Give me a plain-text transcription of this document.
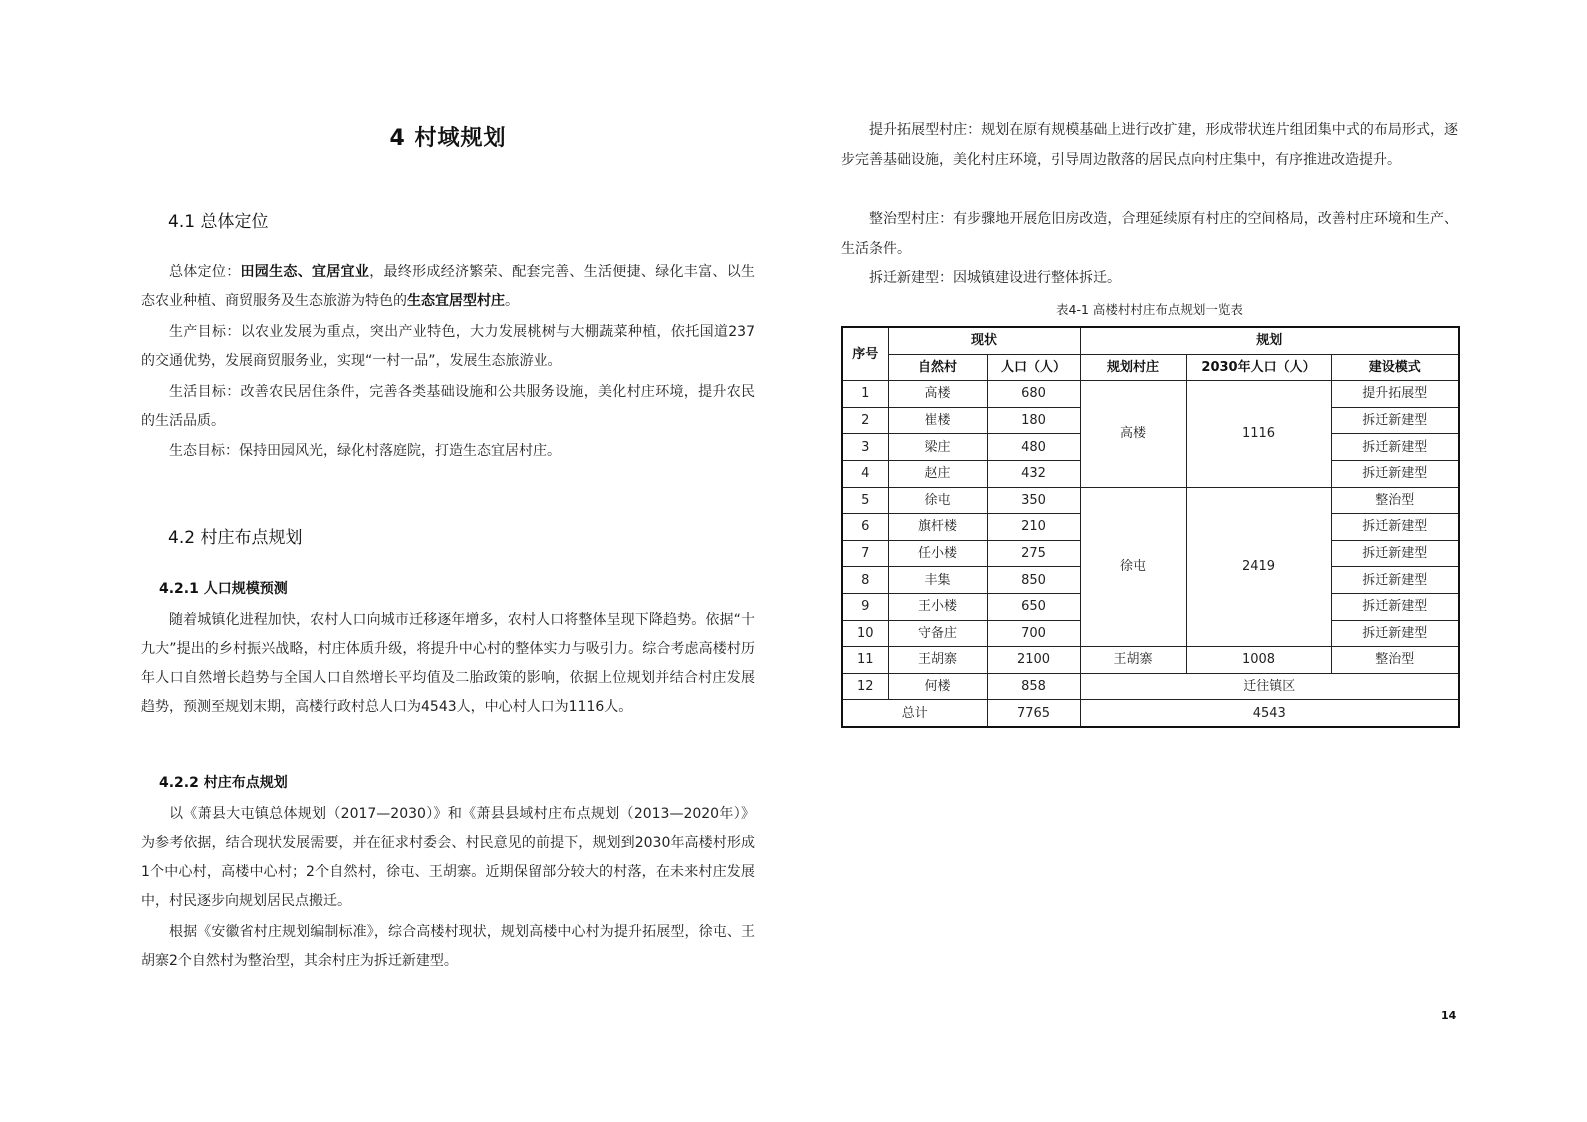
4 村域规划
4.1 总体定位

总体定位：田园生态、宜居宜业，最终形成经济繁荣、配套完善、生活便捷、绿化丰富、以生态农业种植、商贸服务及生态旅游为特色的生态宜居型村庄。

生产目标：以农业发展为重点，突出产业特色，大力发展桃树与大棚蔬菜种植，依托国道237的交通优势，发展商贸服务业，实现“一村一品”，发展生态旅游业。

生活目标：改善农民居住条件，完善各类基础设施和公共服务设施，美化村庄环境，提升农民的生活品质。

生态目标：保持田园风光，绿化村落庭院，打造生态宜居村庄。

4.2 村庄布点规划
4.2.1 人口规模预测

随着城镇化进程加快，农村人口向城市迁移逐年增多，农村人口将整体呈现下降趋势。依据“十九大”提出的乡村振兴战略，村庄体质升级，将提升中心村的整体实力与吸引力。综合考虑高楼村历年人口自然增长趋势与全国人口自然增长平均值及二胎政策的影响，依据上位规划并结合村庄发展趋势，预测至规划末期，高楼行政村总人口为4543人，中心村人口为1116人。

4.2.2 村庄布点规划

以《萧县大屯镇总体规划（2017—2030）》和《萧县县域村庄布点规划（2013—2020年）》为参考依据，结合现状发展需要，并在征求村委会、村民意见的前提下，规划到2030年高楼村形成1个中心村，高楼中心村；2个自然村，徐屯、王胡寨。近期保留部分较大的村落，在未来村庄发展中，村民逐步向规划居民点搬迁。

根据《安徽省村庄规划编制标准》，综合高楼村现状，规划高楼中心村为提升拓展型，徐屯、王胡寨2个自然村为整治型，其余村庄为拆迁新建型。

提升拓展型村庄：规划在原有规模基础上进行改扩建，形成带状连片组团集中式的布局形式，逐步完善基础设施，美化村庄环境，引导周边散落的居民点向村庄集中，有序推进改造提升。

整治型村庄：有步骤地开展危旧房改造，合理延续原有村庄的空间格局，改善村庄环境和生产、生活条件。

拆迁新建型：因城镇建设进行整体拆迁。

表4-1 高楼村村庄布点规划一览表

序号	现状		规划		
	自然村	人口（人）	规划村庄	2030年人口（人）	建设模式
1	高楼	680	高楼	1116	提升拓展型
2	崔楼	180			拆迁新建型
3	梁庄	480			拆迁新建型
4	赵庄	432			拆迁新建型
5	徐屯	350	徐屯	2419	整治型
6	旗杆楼	210			拆迁新建型
7	任小楼	275			拆迁新建型
8	丰集	850			拆迁新建型
9	王小楼	650			拆迁新建型
10	守备庄	700			拆迁新建型
11	王胡寨	2100	王胡寨	1008	整治型
12	何楼	858	迁往镇区		
总计		7765	4543		
14
